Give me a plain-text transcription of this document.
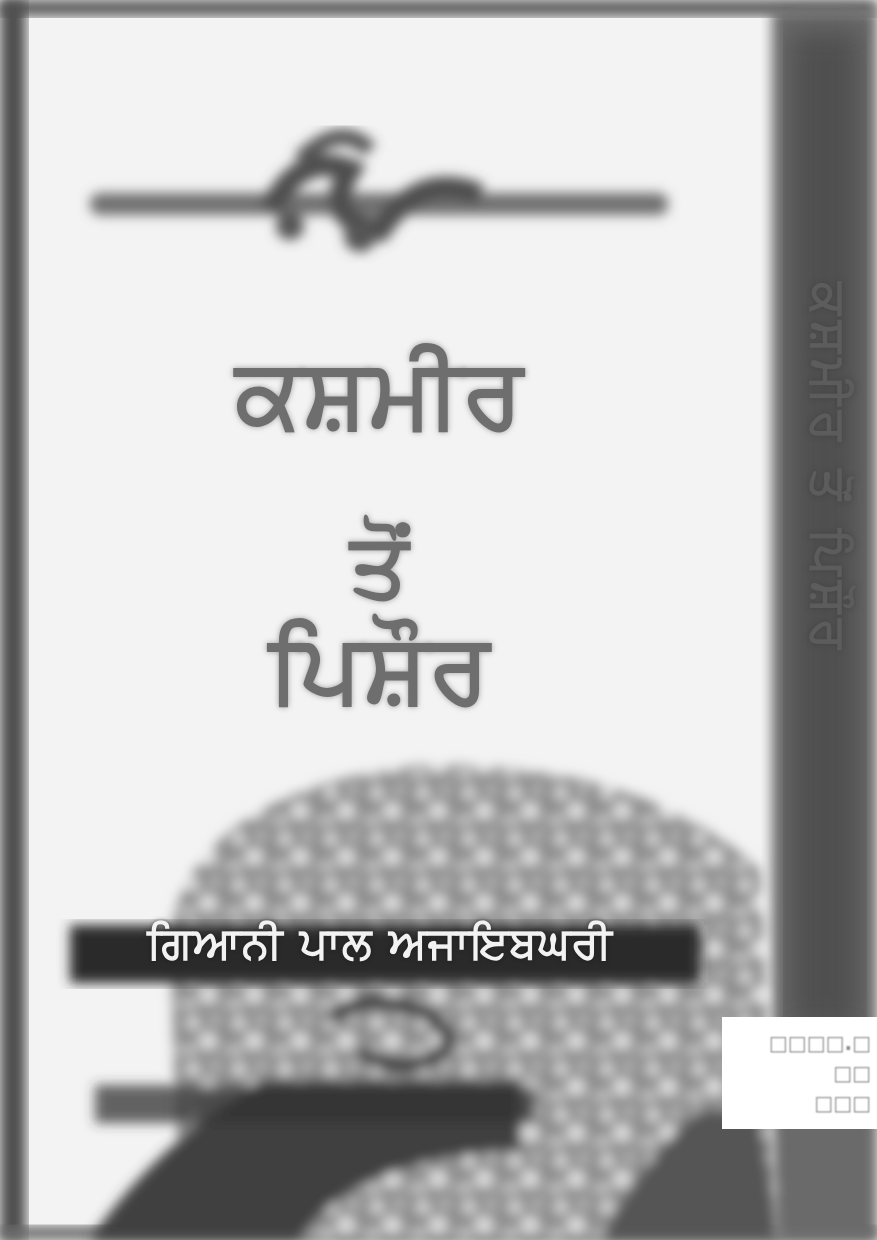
ਕਸ਼ਮੀਰ
ਤੋਂ
ਪਿਸ਼ੌਰ
ਗਿਆਨੀ ਪਾਲ ਅਜਾਇਬਘਰੀ
ਕਸ਼ਮੀਰ ਤੋਂ ਪਿਸ਼ੌਰ
□□□□.□
□□
□□□
